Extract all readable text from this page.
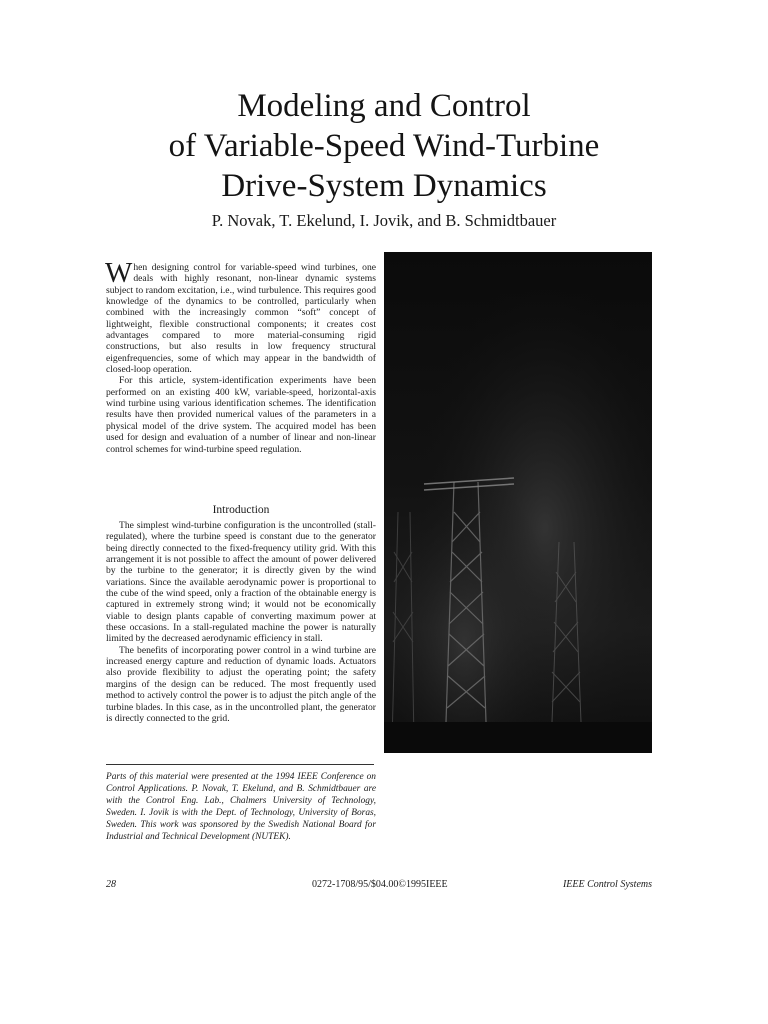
Modeling and Control
of Variable-Speed Wind-Turbine
Drive-System Dynamics
P. Novak, T. Ekelund, I. Jovik, and B. Schmidtbauer

When designing control for variable-speed wind turbines, one deals with highly resonant, non-linear dynamic systems subject to random excitation, i.e., wind turbulence. This requires good knowledge of the dynamics to be controlled, particularly when combined with the increasingly common “soft” concept of lightweight, flexible constructional components; it creates cost advantages compared to more material-consuming rigid constructions, but also results in low frequency structural eigenfrequencies, some of which may appear in the bandwidth of closed-loop operation.

For this article, system-identification experiments have been performed on an existing 400 kW, variable-speed, horizontal-axis wind turbine using various identification schemes. The identification results have then provided numerical values of the parameters in a physical model of the drive system. The acquired model has been used for design and evaluation of a number of linear and non-linear control schemes for wind-turbine speed regulation.

Introduction

The simplest wind-turbine configuration is the uncontrolled (stall-regulated), where the turbine speed is constant due to the generator being directly connected to the fixed-frequency utility grid. With this arrangement it is not possible to affect the amount of power delivered by the turbine to the generator; it is directly given by the wind variations. Since the available aerodynamic power is proportional to the cube of the wind speed, only a fraction of the obtainable energy is captured in extremely strong wind; it would not be economically viable to design plants capable of converting maximum power at these occasions. In a stall-regulated machine the power is naturally limited by the decreased aerodynamic efficiency in stall.

The benefits of incorporating power control in a wind turbine are increased energy capture and reduction of dynamic loads. Actuators also provide flexibility to adjust the operating point; the safety margins of the design can be reduced. The most frequently used method to actively control the power is to adjust the pitch angle of the turbine blades. In this case, as in the uncontrolled plant, the generator is directly connected to the grid.

Parts of this material were presented at the 1994 IEEE Conference on Control Applications. P. Novak, T. Ekelund, and B. Schmidtbauer are with the Control Eng. Lab., Chalmers University of Technology, Sweden. I. Jovik is with the Dept. of Technology, University of Boras, Sweden. This work was sponsored by the Swedish National Board for Industrial and Technical Development (NUTEK).
28	0272-1708/95/$04.00©1995IEEE	IEEE Control Systems
